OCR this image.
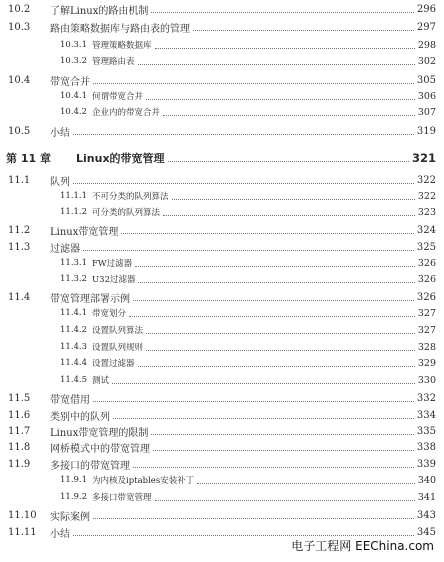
10.2	了解Linux的路由机制	296
10.3	路由策略数据库与路由表的管理	297
10.3.1 管理策略数据库	298
10.3.2 管理路由表	302
10.4	带宽合并	305
10.4.1 何谓带宽合并	306
10.4.2 企业内的带宽合并	307
10.5	小结	319
第 11 章	Linux的带宽管理	321
11.1	队列	322
11.1.1 不可分类的队列算法	322
11.1.2 可分类的队列算法	323
11.2	Linux带宽管理	324
11.3	过滤器	325
11.3.1 FW过滤器	326
11.3.2 U32过滤器	326
11.4	带宽管理部署示例	326
11.4.1 带宽划分	327
11.4.2 设置队列算法	327
11.4.3 设置队列规则	328
11.4.4 设置过滤器	329
11.4.5 测试	330
11.5	带宽借用	332
11.6	类别中的队列	334
11.7	Linux带宽管理的限制	335
11.8	网桥模式中的带宽管理	338
11.9	多接口的带宽管理	339
11.9.1 为内核及iptables安装补丁	340
11.9.2 多接口带宽管理	341
11.10	实际案例	343
11.11	小结	345
电子工程网 EEChina.com
